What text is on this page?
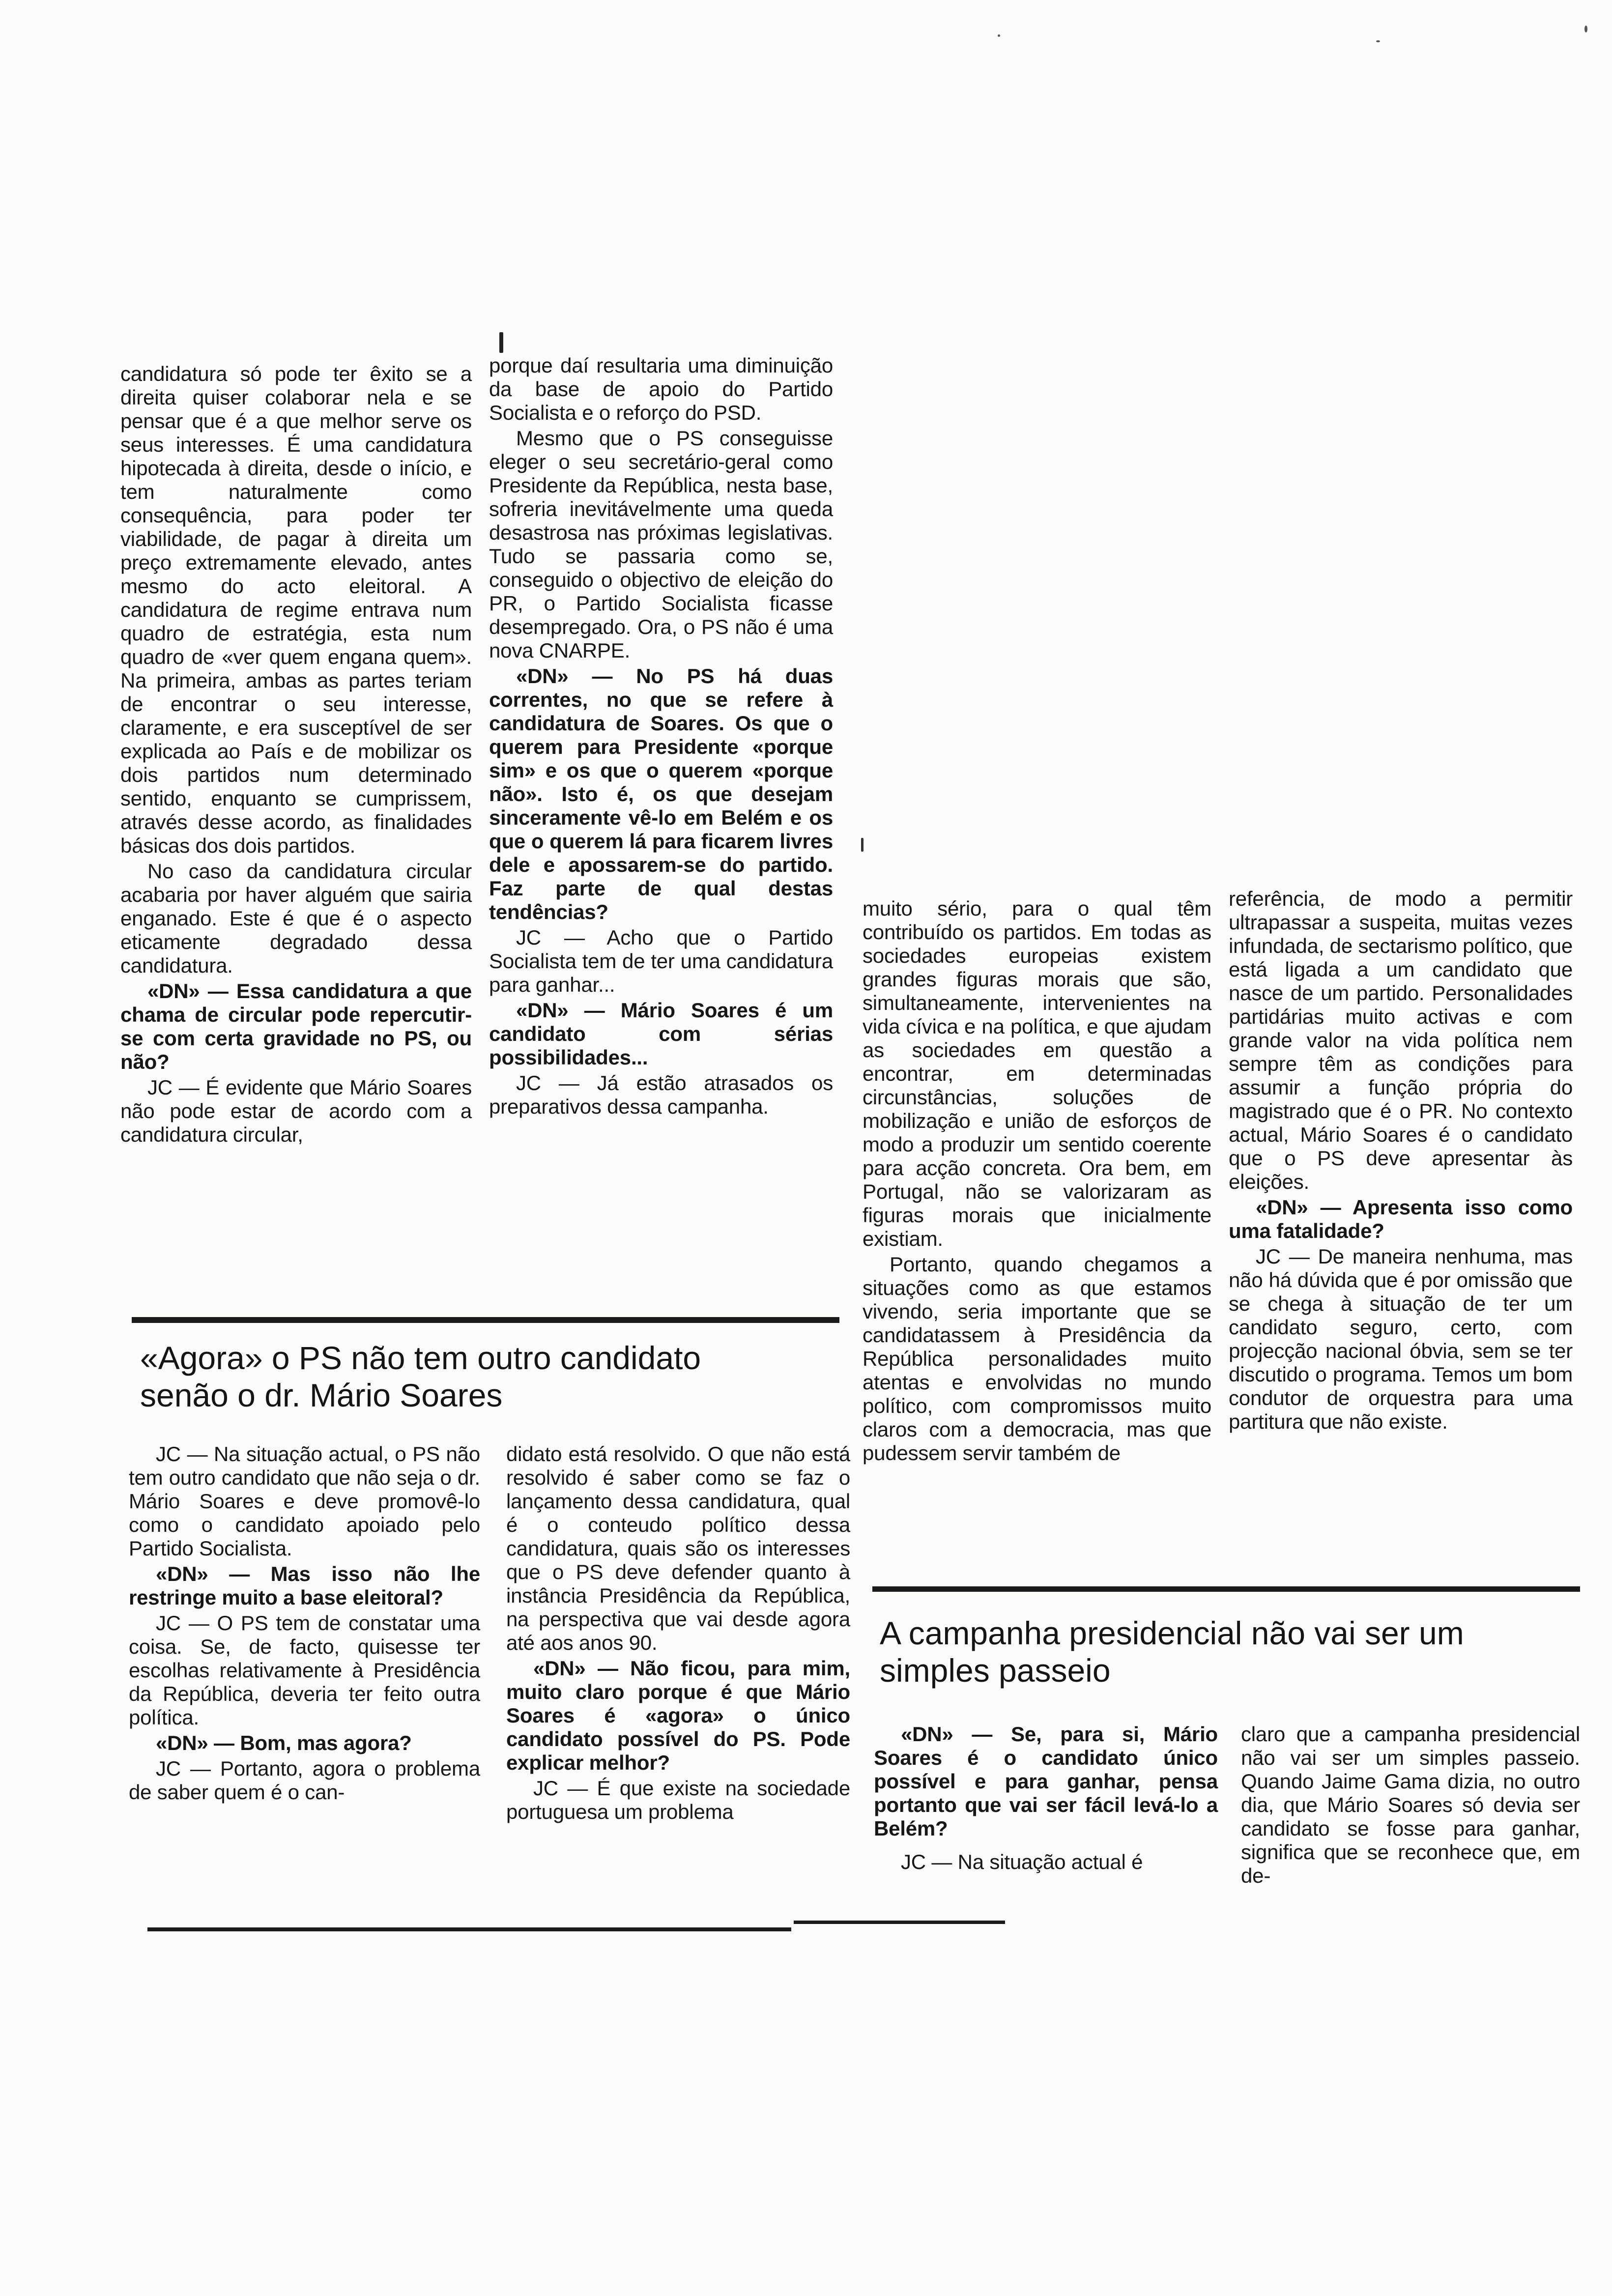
candidatura só pode ter êxito se a direita quiser colaborar nela e se pensar que é a que melhor serve os seus interesses. É uma candidatura hipotecada à direita, desde o início, e tem naturalmente como consequência, para poder ter viabilidade, de pagar à direita um preço extremamente elevado, antes mesmo do acto eleitoral. A candidatura de regime entrava num quadro de estratégia, esta num quadro de «ver quem engana quem». Na primeira, ambas as partes teriam de encontrar o seu interesse, claramente, e era susceptível de ser explicada ao País e de mobilizar os dois partidos num determinado sentido, enquanto se cumprissem, através desse acordo, as finalidades básicas dos dois partidos.

No caso da candidatura circular acabaria por haver alguém que sairia enganado. Este é que é o aspecto eticamente degradado dessa candidatura.

«DN» — Essa candidatura a que chama de circular pode repercutir-se com certa gravidade no PS, ou não?

JC — É evidente que Mário Soares não pode estar de acordo com a candidatura circular,

porque daí resultaria uma diminuição da base de apoio do Partido Socialista e o reforço do PSD.

Mesmo que o PS conseguisse eleger o seu secretário-geral como Presidente da República, nesta base, sofreria inevitávelmente uma queda desastrosa nas próximas legislativas. Tudo se passaria como se, conseguido o objectivo de eleição do PR, o Partido Socialista ficasse desempregado. Ora, o PS não é uma nova CNARPE.

«DN» — No PS há duas correntes, no que se refere à candidatura de Soares. Os que o querem para Presidente «porque sim» e os que o querem «porque não». Isto é, os que desejam sinceramente vê-lo em Belém e os que o querem lá para ficarem livres dele e apossarem-se do partido. Faz parte de qual destas tendências?

JC — Acho que o Partido Socialista tem de ter uma candidatura para ganhar...

«DN» — Mário Soares é um candidato com sérias possibilidades...

JC — Já estão atrasados os preparativos dessa campanha.

«Agora» o PS não tem outro candidato senão o dr. Mário Soares

JC — Na situação actual, o PS não tem outro candidato que não seja o dr. Mário Soares e deve promovê-lo como o candidato apoiado pelo Partido Socialista.

«DN» — Mas isso não lhe restringe muito a base eleitoral?

JC — O PS tem de constatar uma coisa. Se, de facto, quisesse ter escolhas relativamente à Presidência da República, deveria ter feito outra política.

«DN» — Bom, mas agora?

JC — Portanto, agora o problema de saber quem é o can-

didato está resolvido. O que não está resolvido é saber como se faz o lançamento dessa candidatura, qual é o conteudo político dessa candidatura, quais são os interesses que o PS deve defender quanto à instância Presidência da República, na perspectiva que vai desde agora até aos anos 90.

«DN» — Não ficou, para mim, muito claro porque é que Mário Soares é «agora» o único candidato possível do PS. Pode explicar melhor?

JC — É que existe na sociedade portuguesa um problema

muito sério, para o qual têm contribuído os partidos. Em todas as sociedades europeias existem grandes figuras morais que são, simultaneamente, intervenientes na vida cívica e na política, e que ajudam as sociedades em questão a encontrar, em determinadas circunstâncias, soluções de mobilização e união de esforços de modo a produzir um sentido coerente para acção concreta. Ora bem, em Portugal, não se valorizaram as figuras morais que inicialmente existiam.

Portanto, quando chegamos a situações como as que estamos vivendo, seria importante que se candidatassem à Presidência da República personalidades muito atentas e envolvidas no mundo político, com compromissos muito claros com a democracia, mas que pudessem servir também de

referência, de modo a permitir ultrapassar a suspeita, muitas vezes infundada, de sectarismo político, que está ligada a um candidato que nasce de um partido. Personalidades partidárias muito activas e com grande valor na vida política nem sempre têm as condições para assumir a função própria do magistrado que é o PR. No contexto actual, Mário Soares é o candidato que o PS deve apresentar às eleições.

«DN» — Apresenta isso como uma fatalidade?

JC — De maneira nenhuma, mas não há dúvida que é por omissão que se chega à situação de ter um candidato seguro, certo, com projecção nacional óbvia, sem se ter discutido o programa. Temos um bom condutor de orquestra para uma partitura que não existe.

A campanha presidencial não vai ser um simples passeio

«DN» — Se, para si, Mário Soares é o candidato único possível e para ganhar, pensa portanto que vai ser fácil levá-lo a Belém?

JC — Na situação actual é

claro que a campanha presidencial não vai ser um simples passeio. Quando Jaime Gama dizia, no outro dia, que Mário Soares só devia ser candidato se fosse para ganhar, significa que se reconhece que, em de-
